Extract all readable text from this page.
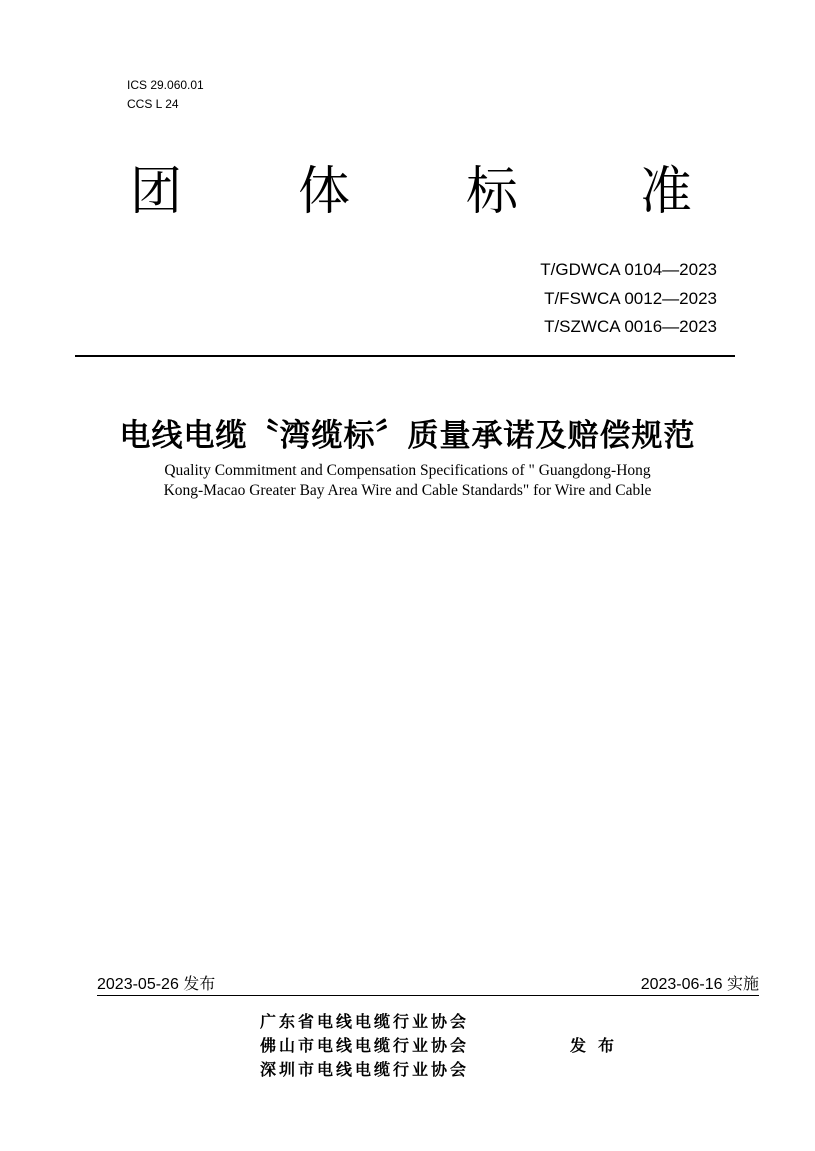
ICS 29.060.01
CCS L 24
团 体 标 准
T/GDWCA 0104—2023
T/FSWCA 0012—2023
T/SZWCA 0016—2023
电线电缆〝湾缆标〞质量承诺及赔偿规范
Quality Commitment and Compensation Specifications of " Guangdong-Hong
Kong-Macao Greater Bay Area Wire and Cable Standards" for Wire and Cable
2023-05-26 发布	2023-06-16 实施
广东省电线电缆行业协会
佛山市电线电缆行业协会
深圳市电线电缆行业协会
发布
